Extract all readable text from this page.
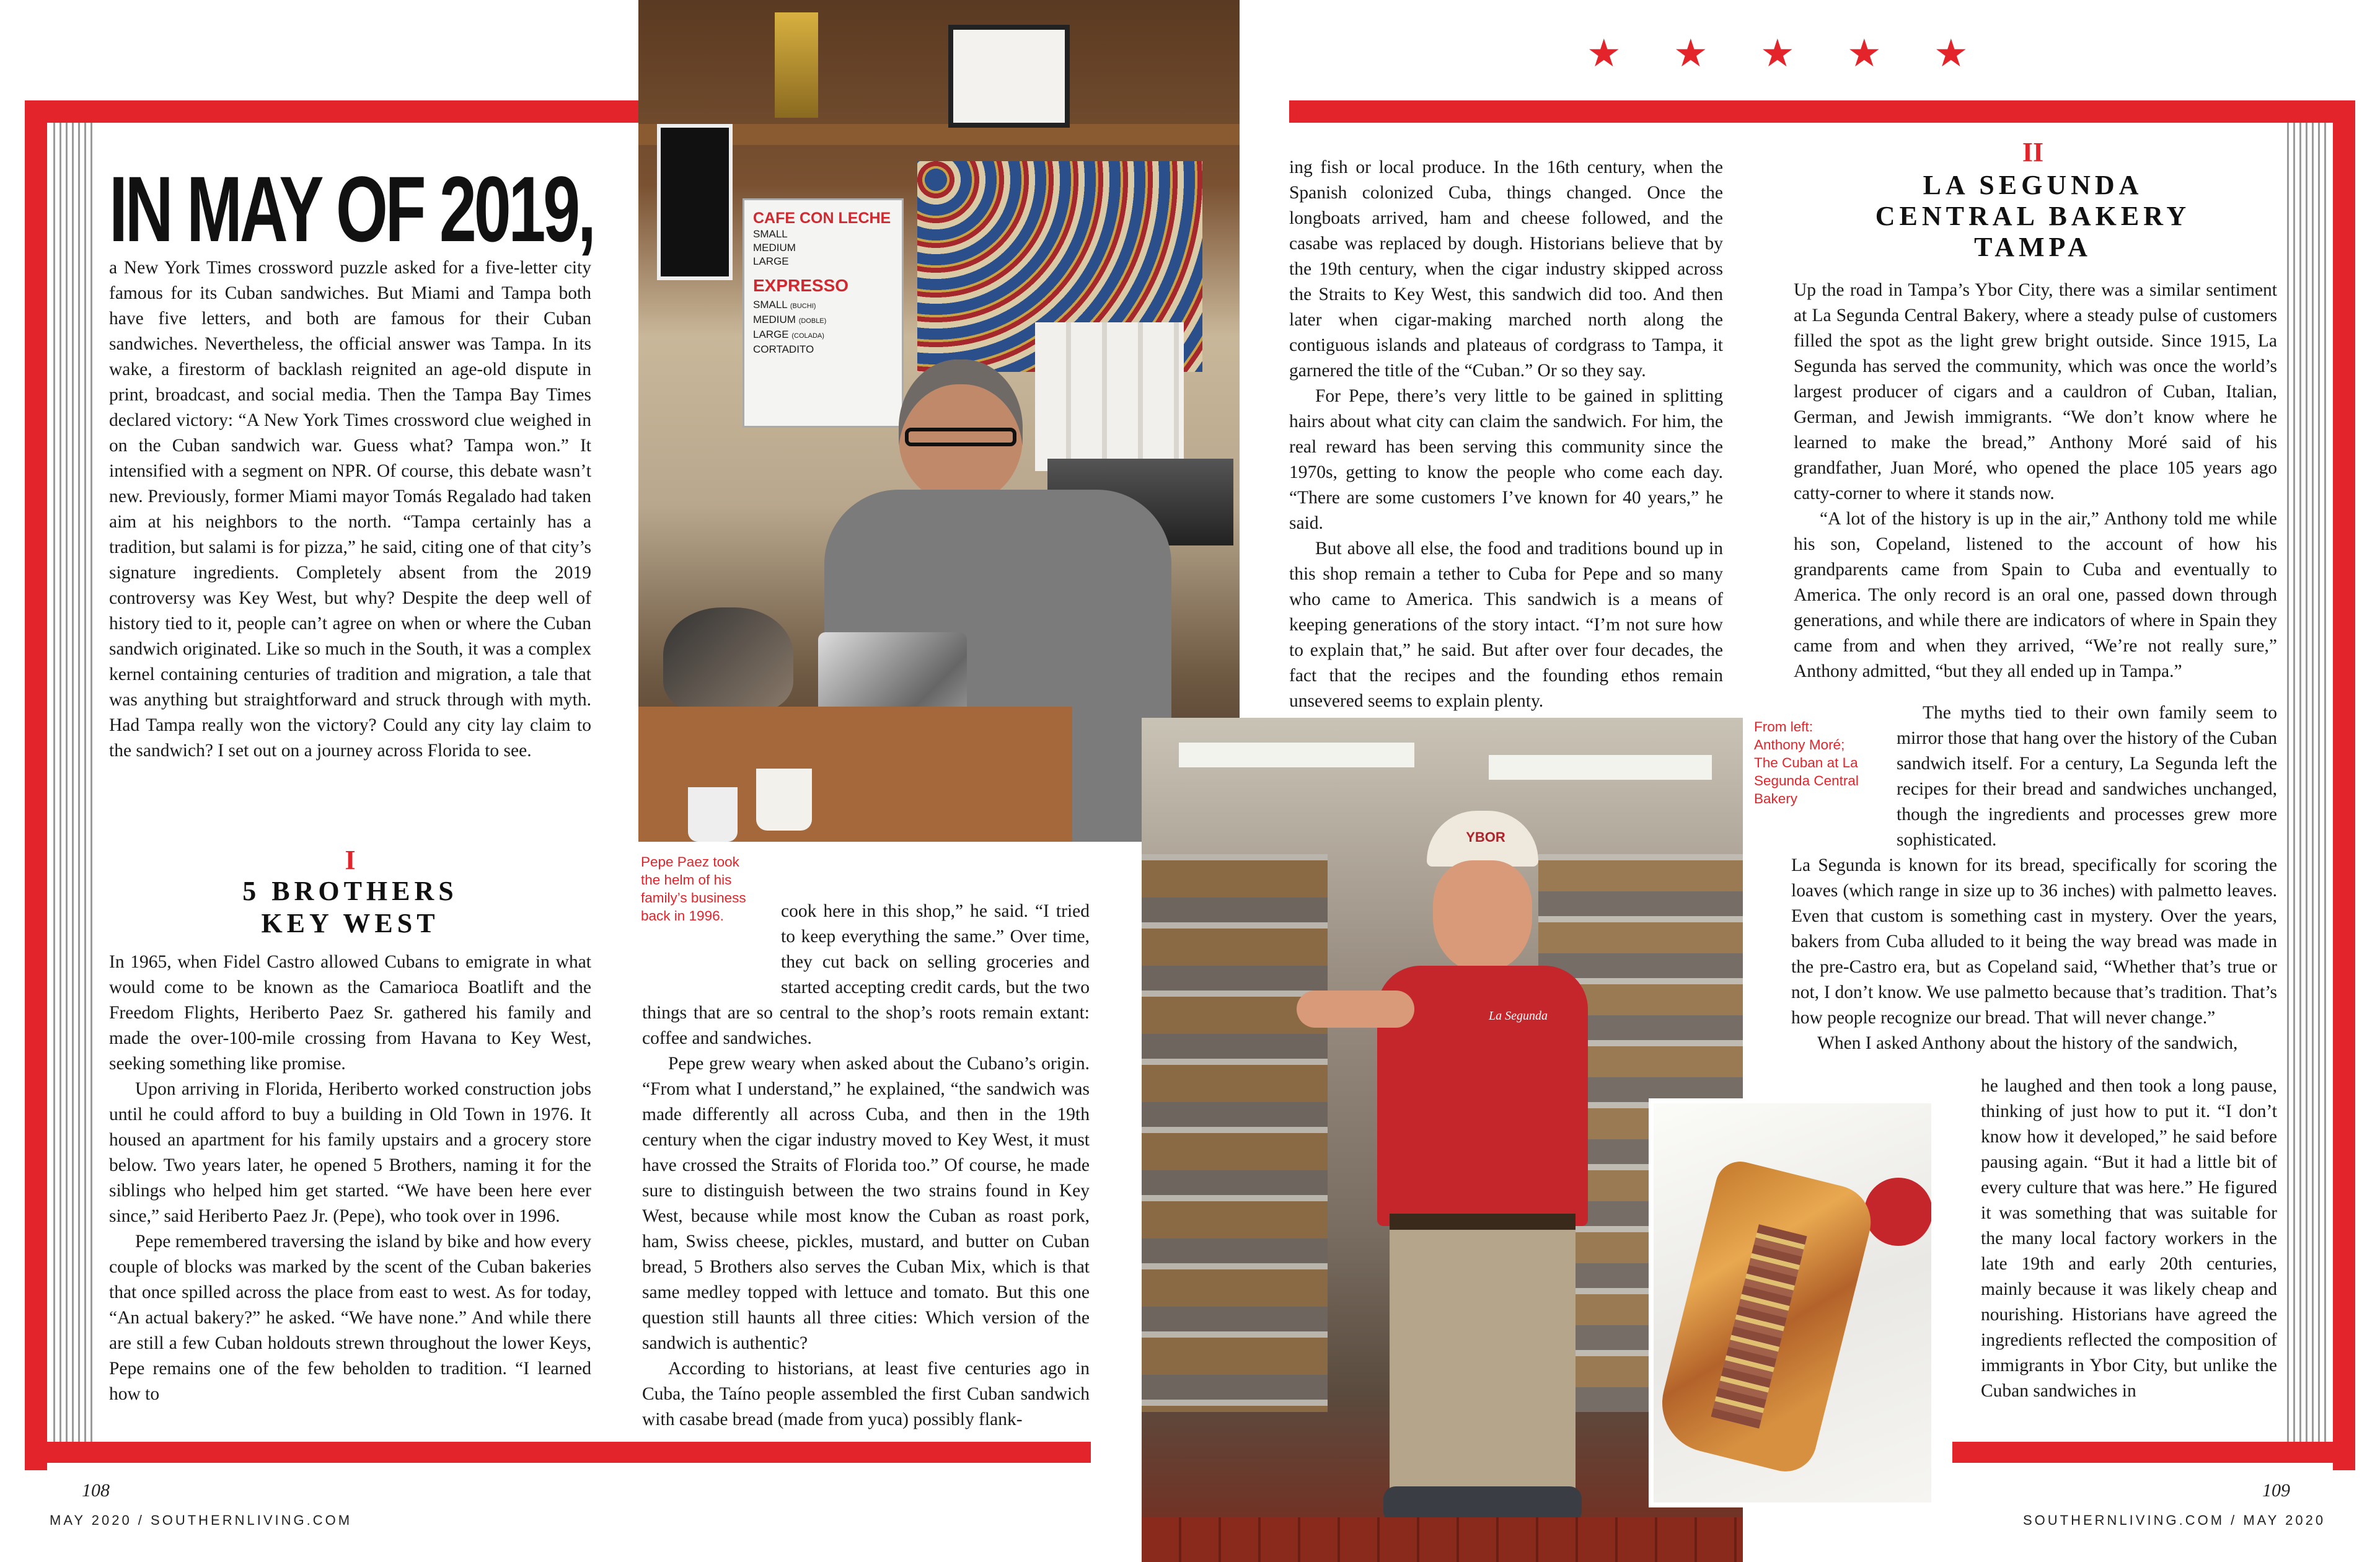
★ ★ ★ ★ ★
IN MAY OF 2019,

a New York Times crossword puzzle asked for a five-letter city famous for its Cuban sandwiches. But Miami and Tampa both have five letters, and both are famous for their Cuban sandwiches. Nevertheless, the official answer was Tampa. In its wake, a firestorm of backlash reignited an age-old dispute in print, broadcast, and social media. Then the Tampa Bay Times declared victory: “A New York Times crossword clue weighed in on the Cuban sandwich war. Guess what? Tampa won.” It intensified with a segment on NPR. Of course, this debate wasn’t new. Previously, former Miami mayor Tomás Regalado had taken aim at his neighbors to the north. “Tampa certainly has a tradition, but salami is for pizza,” he said, citing one of that city’s signature ingredients. Completely absent from the 2019 controversy was Key West, but why? Despite the deep well of history tied to it, people can’t agree on when or where the Cuban sandwich originated. Like so much in the South, it was a complex kernel containing centuries of tradition and migration, a tale that was anything but straightforward and struck through with myth. Had Tampa really won the victory? Could any city lay claim to the sandwich? I set out on a journey across Florida to see.

I
5 BROTHERS
KEY WEST

In 1965, when Fidel Castro allowed Cubans to emigrate in what would come to be known as the Camarioca Boatlift and the Freedom Flights, Heriberto Paez Sr. gathered his family and made the over-100-mile crossing from Havana to Key West, seeking something like promise.

Upon arriving in Florida, Heriberto worked construction jobs until he could afford to buy a building in Old Town in 1976. It housed an apartment for his family upstairs and a grocery store below. Two years later, he opened 5 Brothers, naming it for the siblings who helped him get started. “We have been here ever since,” said Heriberto Paez Jr. (Pepe), who took over in 1996.

Pepe remembered traversing the island by bike and how every couple of blocks was marked by the scent of the Cuban bakeries that once spilled across the place from east to west. As for today, “An actual bakery?” he asked. “We have none.” And while there are still a few Cuban holdouts strewn throughout the lower Keys, Pepe remains one of the few beholden to tradition. “I learned how to

CAFE CON LECHE
SMALL
MEDIUM
LARGE
EXPRESSO
SMALL (BUCHI)
MEDIUM (DOBLE)
LARGE (COLADA)
CORTADITO
Pepe Paez took the helm of his family’s business back in 1996.	cook here in this shop,” he said. “I tried to keep everything the same.” Over time, they cut back on selling groceries and started accepting credit cards, but the two things that are so central to the shop’s roots remain extant: coffee and sandwiches.

Pepe grew weary when asked about the Cubano’s origin. “From what I understand,” he explained, “the sandwich was made differently all across Cuba, and then in the 19th century when the cigar industry moved to Key West, it must have crossed the Straits of Florida too.” Of course, he made sure to distinguish between the two strains found in Key West, because while most know the Cuban as roast pork, ham, Swiss cheese, pickles, mustard, and butter on Cuban bread, 5 Brothers also serves the Cuban Mix, which is that same medley topped with lettuce and tomato. But this one question still haunts all three cities: Which version of the sandwich is authentic?

According to historians, at least five centuries ago in Cuba, the Taíno people assembled the first Cuban sandwich with casabe bread (made from yuca) possibly flank-

ing fish or local produce. In the 16th century, when the Spanish colonized Cuba, things changed. Once the longboats arrived, ham and cheese followed, and the casabe was replaced by dough. Historians believe that by the 19th century, when the cigar industry skipped across the Straits to Key West, this sandwich did too. And then later when cigar-making marched north along the contiguous islands and plateaus of cordgrass to Tampa, it garnered the title of the “Cuban.” Or so they say.

For Pepe, there’s very little to be gained in splitting hairs about what city can claim the sandwich. For him, the real reward has been serving this community since the 1970s, getting to know the people who come each day. “There are some customers I’ve known for 40 years,” he said.

But above all else, the food and traditions bound up in this shop remain a tether to Cuba for Pepe and so many who came to America. This sandwich is a means of keeping generations of the story intact. “I’m not sure how to explain that,” he said. But after over four decades, the fact that the recipes and the founding ethos remain unsevered seems to explain plenty.

II
LA SEGUNDA
CENTRAL BAKERY
TAMPA

Up the road in Tampa’s Ybor City, there was a similar sentiment at La Segunda Central Bakery, where a steady pulse of customers filled the spot as the light grew bright outside. Since 1915, La Segunda has served the community, which was once the world’s largest producer of cigars and a cauldron of Cuban, Italian, German, and Jewish immigrants. “We don’t know where he learned to make the bread,” Anthony Moré said of his grandfather, Juan Moré, who opened the place 105 years ago catty-corner to where it stands now.

“A lot of the history is up in the air,” Anthony told me while his son, Copeland, listened to the account of how his grandparents came from Spain to Cuba and eventually to America. The only record is an oral one, passed down through generations, and while there are indicators of where in Spain they came from and when they arrived, “We’re not really sure,” Anthony admitted, “but they all ended up in Tampa.”

The myths tied to their own family seem to mirror those that hang over the history of the Cuban sandwich itself. For a century, La Segunda left the recipes for their bread and sandwiches unchanged, though the ingredients and processes grew more sophisticated.

La Segunda is known for its bread, specifically for scoring the loaves (which range in size up to 36 inches) with palmetto leaves. Even that custom is something cast in mystery. Over the years, bakers from Cuba alluded to it being the way bread was made in the pre-Castro era, but as Copeland said, “Whether that’s true or not, I don’t know. We use palmetto because that’s tradition. That’s how people recognize our bread. That will never change.”

When I asked Anthony about the history of the sandwich,

he laughed and then took a long pause, thinking of just how to put it. “I don’t know how it developed,” he said before pausing again. “But it had a little bit of every culture that was here.” He figured it was something that was suitable for the many local factory workers in the late 19th and early 20th centuries, mainly because it was likely cheap and nourishing. Historians have agreed the ingredients reflected the composition of immigrants in Ybor City, but unlike the Cuban sandwiches in

From left: Anthony Moré; The Cuban at La Segunda Central Bakery
YBOR
La Segunda
108
MAY 2020 / SOUTHERNLIVING.COM
109
SOUTHERNLIVING.COM / MAY 2020
